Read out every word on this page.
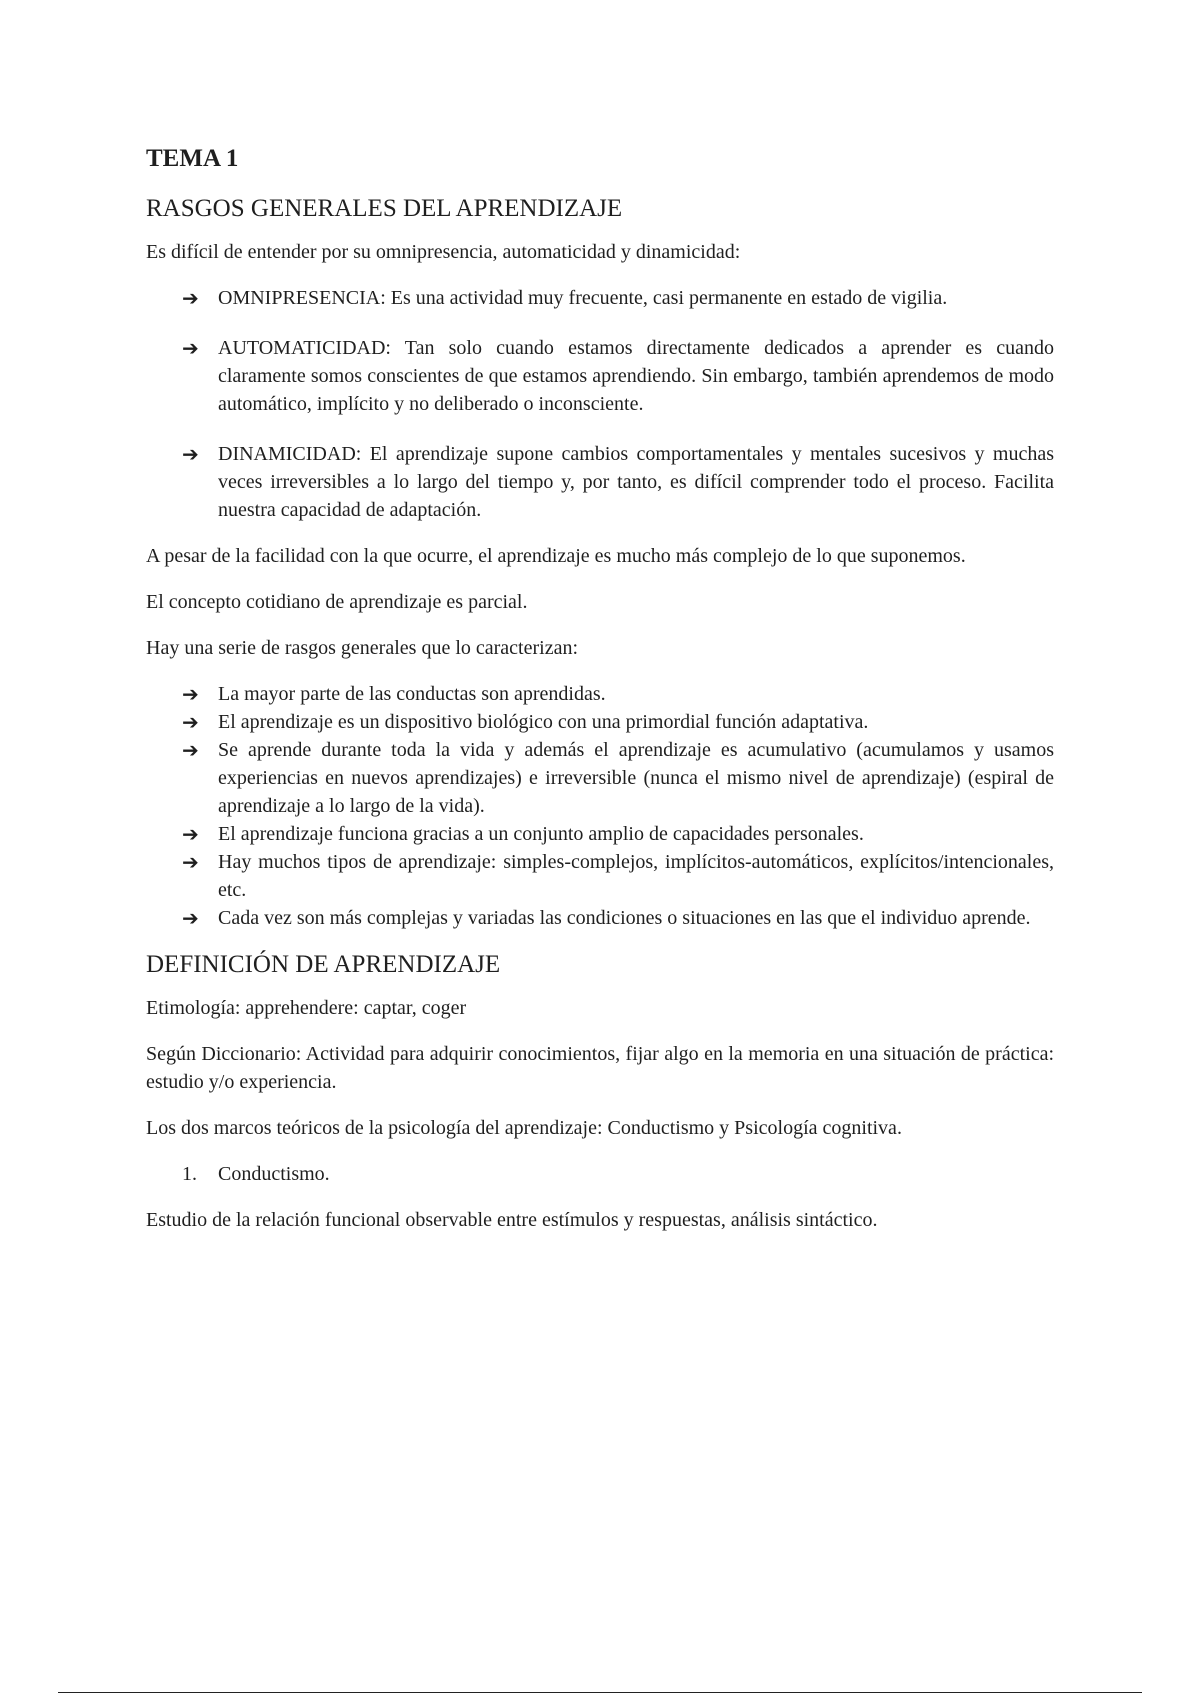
TEMA 1
RASGOS GENERALES DEL APRENDIZAJE

Es difícil de entender por su omnipresencia, automaticidad y dinamicidad:

➔ OMNIPRESENCIA: Es una actividad muy frecuente, casi permanente en estado de vigilia.
➔ AUTOMATICIDAD: Tan solo cuando estamos directamente dedicados a aprender es cuando claramente somos conscientes de que estamos aprendiendo. Sin embargo, también aprendemos de modo automático, implícito y no deliberado o inconsciente.
➔ DINAMICIDAD: El aprendizaje supone cambios comportamentales y mentales sucesivos y muchas veces irreversibles a lo largo del tiempo y, por tanto, es difícil comprender todo el proceso. Facilita nuestra capacidad de adaptación.

A pesar de la facilidad con la que ocurre, el aprendizaje es mucho más complejo de lo que suponemos.

El concepto cotidiano de aprendizaje es parcial.

Hay una serie de rasgos generales que lo caracterizan:

➔ La mayor parte de las conductas son aprendidas.
➔ El aprendizaje es un dispositivo biológico con una primordial función adaptativa.
➔ Se aprende durante toda la vida y además el aprendizaje es acumulativo (acumulamos y usamos experiencias en nuevos aprendizajes) e irreversible (nunca el mismo nivel de aprendizaje) (espiral de aprendizaje a lo largo de la vida).
➔ El aprendizaje funciona gracias a un conjunto amplio de capacidades personales.
➔ Hay muchos tipos de aprendizaje: simples-complejos, implícitos-automáticos, explícitos/intencionales, etc.
➔ Cada vez son más complejas y variadas las condiciones o situaciones en las que el individuo aprende.
DEFINICIÓN DE APRENDIZAJE

Etimología: apprehendere: captar, coger

Según Diccionario: Actividad para adquirir conocimientos, fijar algo en la memoria en una situación de práctica: estudio y/o experiencia.

Los dos marcos teóricos de la psicología del aprendizaje: Conductismo y Psicología cognitiva.

1. Conductismo.

Estudio de la relación funcional observable entre estímulos y respuestas, análisis sintáctico.
